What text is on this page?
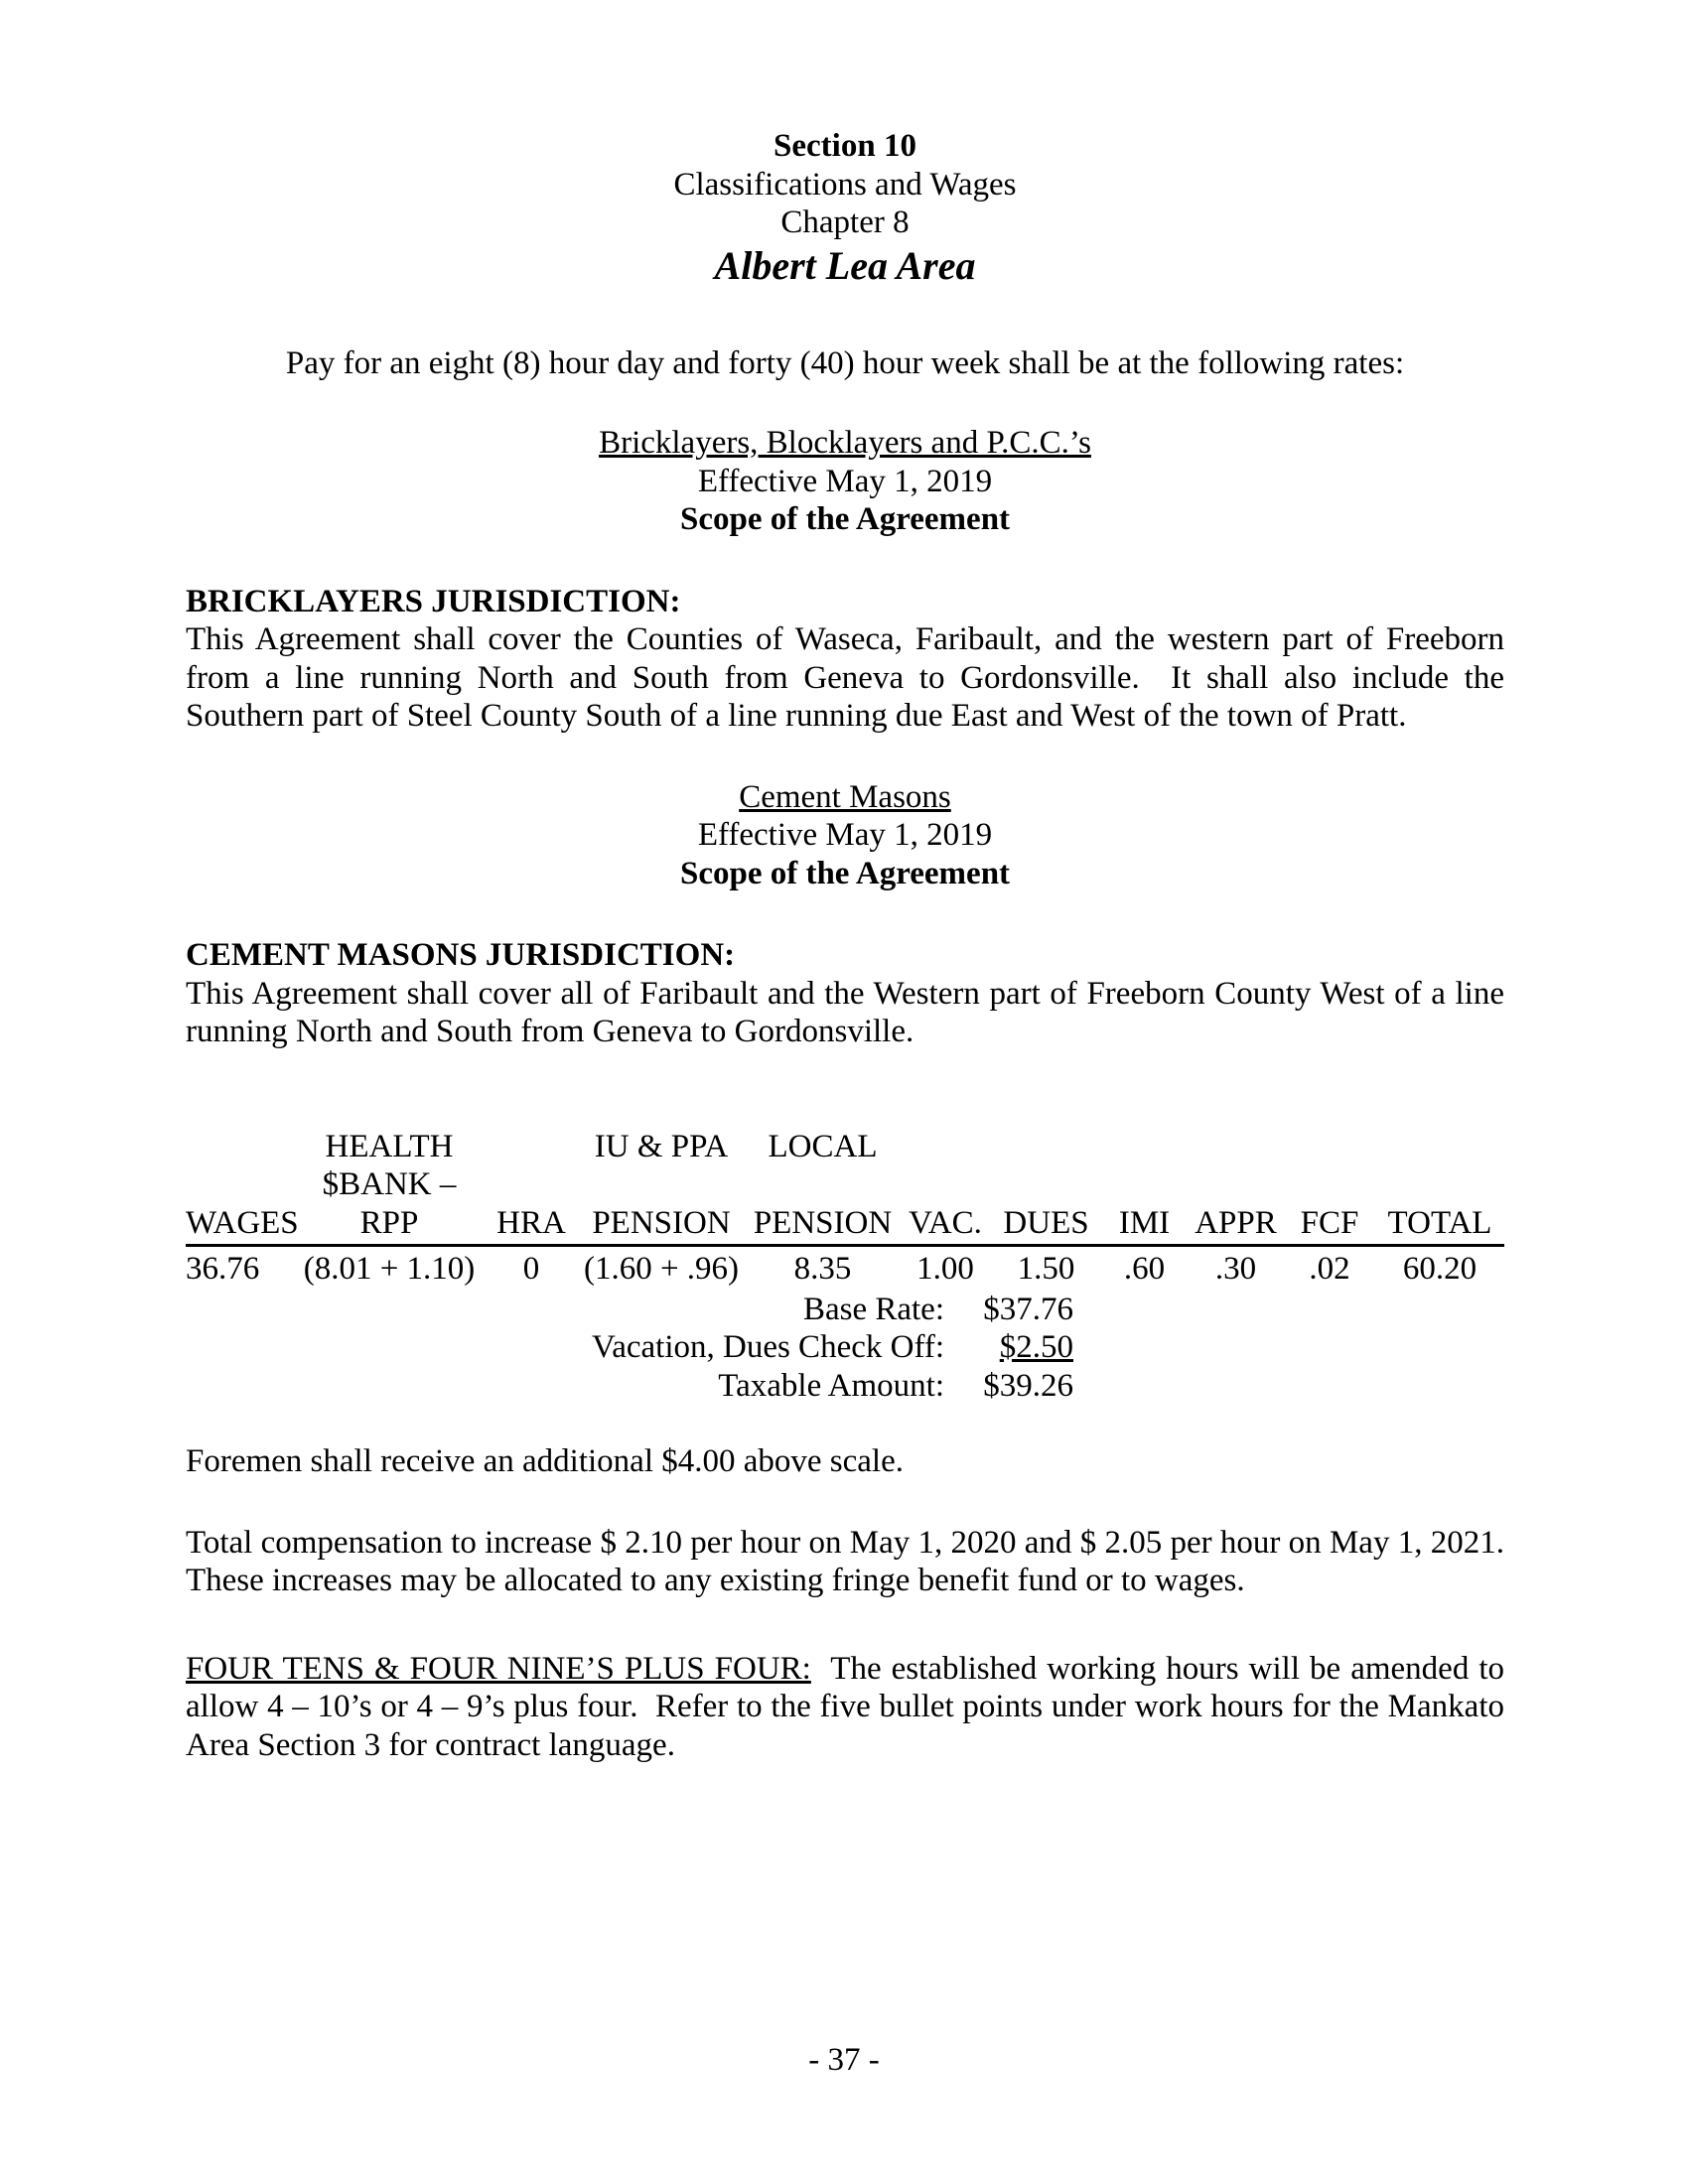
Section 10
Classifications and Wages
Chapter 8
Albert Lea Area
Pay for an eight (8) hour day and forty (40) hour week shall be at the following rates:
Bricklayers, Blocklayers and P.C.C.’s
Effective May 1, 2019
Scope of the Agreement
BRICKLAYERS JURISDICTION:
This Agreement shall cover the Counties of Waseca, Faribault, and the western part of Freeborn from a line running North and South from Geneva to Gordonsville.  It shall also include the Southern part of Steel County South of a line running due East and West of the town of Pratt.
Cement Masons
Effective May 1, 2019
Scope of the Agreement
CEMENT MASONS JURISDICTION:
This Agreement shall cover all of Faribault and the Western part of Freeborn County West of a line running North and South from Geneva to Gordonsville.
	HEALTH		IU & PPA	LOCAL						
WAGES	$BANK – RPP	HRA	PENSION	PENSION	VAC.	DUES	IMI	APPR	FCF	TOTAL
36.76	(8.01 + 1.10)	0	(1.60 + .96)	8.35	1.00	1.50	.60	.30	.02	60.20
Base Rate:	$37.76
Vacation, Dues Check Off:	$2.50
Taxable Amount:	$39.26
Foremen shall receive an additional $4.00 above scale.
Total compensation to increase $ 2.10 per hour on May 1, 2020 and $ 2.05 per hour on May 1, 2021.  These increases may be allocated to any existing fringe benefit fund or to wages.
FOUR TENS & FOUR NINE’S PLUS FOUR:  The established working hours will be amended to allow 4 – 10’s or 4 – 9’s plus four.  Refer to the five bullet points under work hours for the Mankato Area Section 3 for contract language.
- 37 -
